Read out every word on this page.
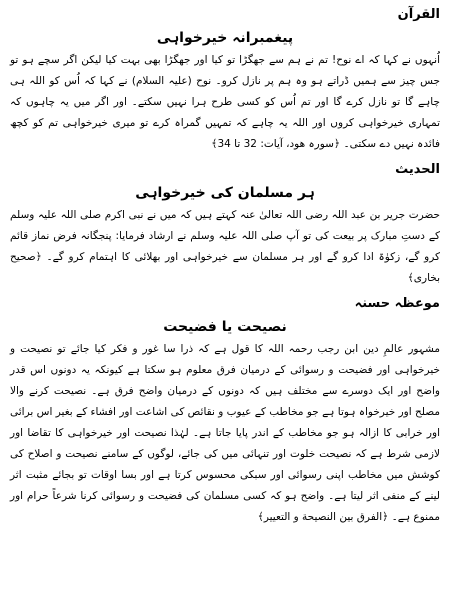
القرآن
پیغمبرانہ خیرخواہی

اُنہوں نے کہا کہ اے نوح! تم نے ہم سے جھگڑا تو کیا اور جھگڑا بھی بہت کیا لیکن اگر سچے ہو تو جس چیز سے ہمیں ڈراتے ہو وہ ہم پر نازل کرو۔ نوح (علیہ السلام) نے کہا کہ اُس کو اللہ ہی چاہے گا تو نازل کرے گا اور تم اُس کو کسی طرح ہرا نہیں سکتے۔ اور اگر میں یہ چاہوں کہ تمہاری خیرخواہی کروں اور اللہ یہ چاہے کہ تمہیں گمراہ کرے تو میری خیرخواہی تم کو کچھ فائدہ نہیں دے سکتی۔ ﴿سورہ ھود، آیات: 32 تا 34﴾

الحدیث
ہر مسلمان کی خیرخواہی

حضرت جریر بن عبد اللہ رضی اللہ تعالیٰ عنہ کہتے ہیں کہ میں نے نبی اکرم صلی اللہ علیہ وسلم کے دستِ مبارک پر بیعت کی تو آپ صلی اللہ علیہ وسلم نے ارشاد فرمایا: پنجگانہ فرض نماز قائم کرو گے، زکوٰۃ ادا کرو گے اور ہر مسلمان سے خیرخواہی اور بھلائی کا اہتمام کرو گے۔ ﴿صحیح بخاری﴾

موعظہ حسنہ
نصیحت یا فضیحت

مشہور عالمِ دین ابن رجب رحمہ اللہ کا قول ہے کہ ذرا سا غور و فکر کیا جائے تو نصیحت و خیرخواہی اور فضیحت و رسوائی کے درمیان فرق معلوم ہو سکتا ہے کیونکہ یہ دونوں اس قدر واضح اور ایک دوسرے سے مختلف ہیں کہ دونوں کے درمیان واضح فرق ہے۔ نصیحت کرنے والا مصلح اور خیرخواہ ہوتا ہے جو مخاطب کے عیوب و نقائص کی اشاعت اور افشاء کے بغیر اس برائی اور خرابی کا ازالہ ہو جو مخاطب کے اندر پایا جاتا ہے۔ لہٰذا نصیحت اور خیرخواہی کا تقاضا اور لازمی شرط ہے کہ نصیحت خلوت اور تنہائی میں کی جائے، لوگوں کے سامنے نصیحت و اصلاح کی کوشش میں مخاطب اپنی رسوائی اور سبکی محسوس کرتا ہے اور بسا اوقات تو بجائے مثبت اثر لینے کے منفی اثر لیتا ہے۔ واضح ہو کہ کسی مسلمان کی فضیحت و رسوائی کرنا شرعاً حرام اور ممنوع ہے۔ ﴿الفرق بین النصیحة و التعییر﴾
